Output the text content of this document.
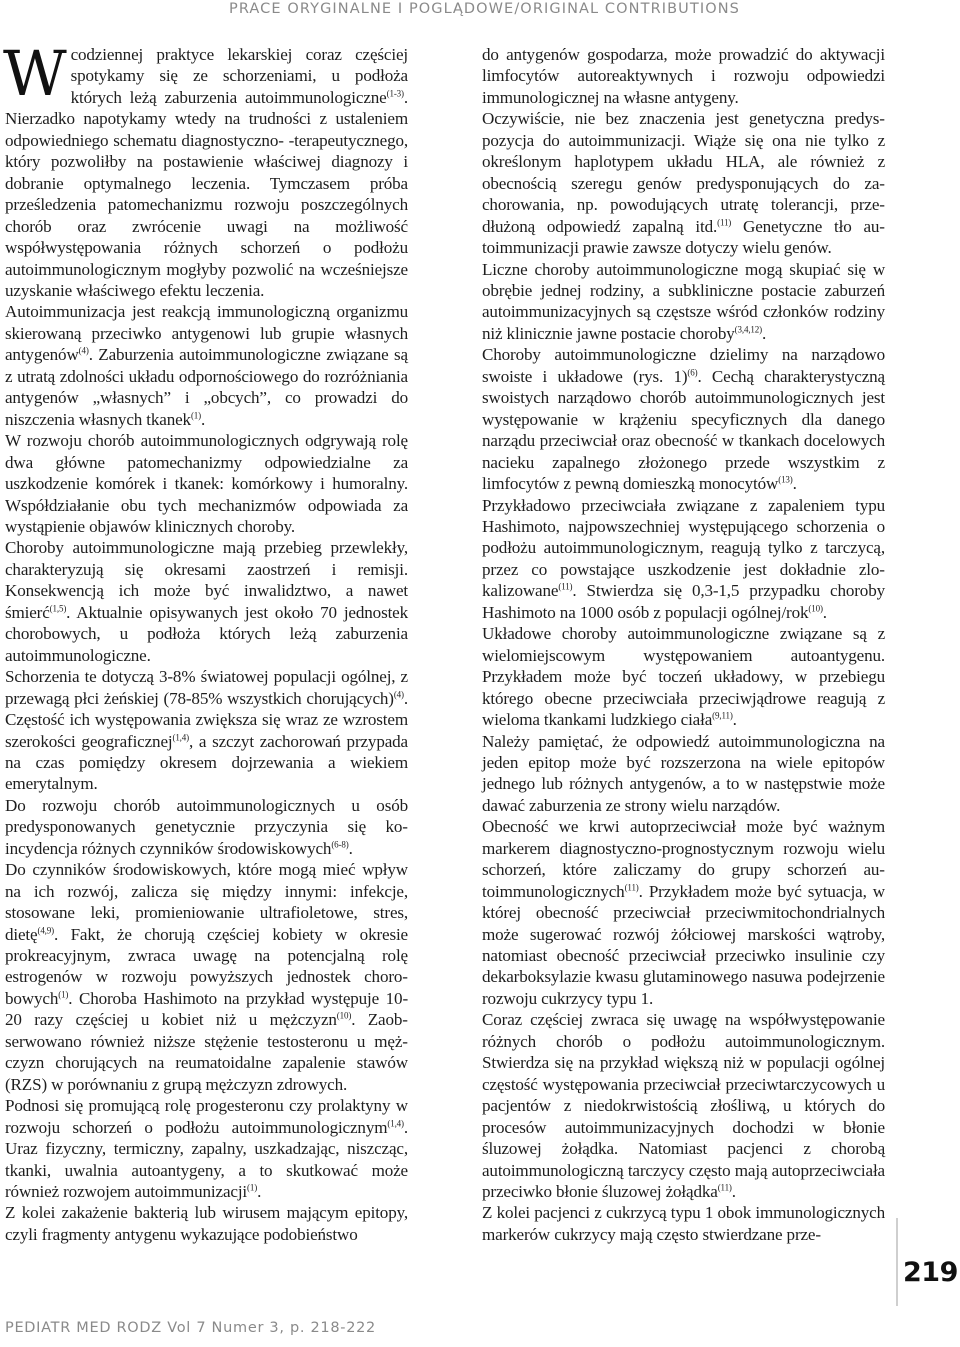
PRACE ORYGINALNE I POGLĄDOWE/ORIGINAL CONTRIBUTIONS

Wcodziennej praktyce lekarskiej coraz częściej spotykamy się ze schorzeniami, u podłoża których leżą zaburzenia autoimmunologiczne$^{(1-3)}$. Nierzadko napotykamy wtedy na trudności z ustaleniem odpowiedniego schematu diagnostyczno- -terapeutycznego, który pozwoliłby na postawienie właściwej diagnozy i dobranie optymalnego leczenia. Tymczasem próba prześledzenia patomechanizmu rozwoju poszczególnych chorób oraz zwrócenie uwagi na możliwość współwystępowania różnych schorzeń o podłożu autoimmunologicznym mogłyby pozwolić na wcześniejsze uzyskanie właściwego efektu leczenia.

Autoimmunizacja jest reakcją immunologiczną organizmu skierowaną przeciwko antygenowi lub grupie własnych antygenów$^{(4)}$. Zaburzenia autoimmunologiczne związane są z utratą zdolności układu odpornościowego do rozróżniania antygenów „własnych” i „obcych”, co prowadzi do niszczenia własnych tkanek$^{(1)}$.

W rozwoju chorób autoimmunologicznych odgrywają rolę dwa główne patomechanizmy odpowiedzialne za uszkodzenie komórek i tkanek: komórkowy i humoralny. Współdziałanie obu tych mechanizmów odpowiada za wystąpienie objawów klinicznych choroby.

Choroby autoimmunologiczne mają przebieg przewlekły, charakteryzują się okresami zaostrzeń i remisji. Konsekwencją ich może być inwalidztwo, a nawet śmierć$^{(1,5)}$. Aktualnie opisywanych jest około 70 jednostek chorobowych, u podłoża których leżą zaburzenia autoimmunologiczne.

Schorzenia te dotyczą 3-8% światowej populacji ogólnej, z przewagą płci żeńskiej (78-85% wszystkich chorujących)$^{(4)}$. Częstość ich występowania zwiększa się wraz ze wzrostem szerokości geograficznej$^{(1,4)}$, a szczyt zachorowań przypada na czas pomiędzy okresem dojrzewania a wiekiem emerytalnym.

Do rozwoju chorób autoimmunologicznych u osób predysponowanych genetycznie przyczynia się koincydencja różnych czynników środowiskowych$^{(6-8)}$.

Do czynników środowiskowych, które mogą mieć wpływ na ich rozwój, zalicza się między innymi: infekcje, stosowane leki, promieniowanie ultrafioletowe, stres, dietę$^{(4,9)}$. Fakt, że chorują częściej kobiety w okresie prokreacyjnym, zwraca uwagę na potencjalną rolę estrogenów w rozwoju powyższych jednostek chorobowych$^{(1)}$. Choroba Hashimoto na przykład występuje 10-20 razy częściej u kobiet niż u mężczyzn$^{(10)}$. Zaobserwowano również niższe stężenie testosteronu u mężczyzn chorujących na reumatoidalne zapalenie stawów (RZS) w porównaniu z grupą mężczyzn zdrowych.

Podnosi się promującą rolę progesteronu czy prolaktyny w rozwoju schorzeń o podłożu autoimmunologicznym$^{(1,4)}$. Uraz fizyczny, termiczny, zapalny, uszkadzając, niszcząc, tkanki, uwalnia autoantygeny, a to skutkować może również rozwojem autoimmunizacji$^{(1)}$.

Z kolei zakażenie bakterią lub wirusem mającym epitopy, czyli fragmenty antygenu wykazujące podobieństwo

do antygenów gospodarza, może prowadzić do aktywacji limfocytów autoreaktywnych i rozwoju odpowiedzi immunologicznej na własne antygeny.

Oczywiście, nie bez znaczenia jest genetyczna predyspozycja do autoimmunizacji. Wiąże się ona nie tylko z określonym haplotypem układu HLA, ale również z obecnością szeregu genów predysponujących do zachorowania, np. powodujących utratę tolerancji, przedłużoną odpowiedź zapalną itd.$^{(11)}$ Genetyczne tło autoimmunizacji prawie zawsze dotyczy wielu genów.

Liczne choroby autoimmunologiczne mogą skupiać się w obrębie jednej rodziny, a subkliniczne postacie zaburzeń autoimmunizacyjnych są częstsze wśród członków rodziny niż klinicznie jawne postacie choroby$^{(3,4,12)}$.

Choroby autoimmunologiczne dzielimy na narządowo swoiste i układowe (rys. 1)$^{(6)}$. Cechą charakterystyczną swoistych narządowo chorób autoimmunologicznych jest występowanie w krążeniu specyficznych dla danego narządu przeciwciał oraz obecność w tkankach docelowych nacieku zapalnego złożonego przede wszystkim z limfocytów z pewną domieszką monocytów$^{(13)}$.

Przykładowo przeciwciała związane z zapaleniem typu Hashimoto, najpowszechniej występującego schorzenia o podłożu autoimmunologicznym, reagują tylko z tarczycą, przez co powstające uszkodzenie jest dokładnie zlokalizowane$^{(11)}$. Stwierdza się 0,3-1,5 przypadku choroby Hashimoto na 1000 osób z populacji ogólnej/rok$^{(10)}$.

Układowe choroby autoimmunologiczne związane są z wielomiejscowym występowaniem autoantygenu. Przykładem może być toczeń układowy, w przebiegu którego obecne przeciwciała przeciwjądrowe reagują z wieloma tkankami ludzkiego ciała$^{(9,11)}$.

Należy pamiętać, że odpowiedź autoimmunologiczna na jeden epitop może być rozszerzona na wiele epitopów jednego lub różnych antygenów, a to w następstwie może dawać zaburzenia ze strony wielu narządów.

Obecność we krwi autoprzeciwciał może być ważnym markerem diagnostyczno-prognostycznym rozwoju wielu schorzeń, które zaliczamy do grupy schorzeń autoimmunologicznych$^{(11)}$. Przykładem może być sytuacja, w której obecność przeciwciał przeciwmitochondrialnych może sugerować rozwój żółciowej marskości wątroby, natomiast obecność przeciwciał przeciwko insulinie czy dekarboksylazie kwasu glutaminowego nasuwa podejrzenie rozwoju cukrzycy typu 1.

Coraz częściej zwraca się uwagę na współwystępowanie różnych chorób o podłożu autoimmunologicznym. Stwierdza się na przykład większą niż w populacji ogólnej częstość występowania przeciwciał przeciwtarczycowych u pacjentów z niedokrwistością złośliwą, u których do procesów autoimmunizacyjnych dochodzi w błonie śluzowej żołądka. Natomiast pacjenci z chorobą autoimmunologiczną tarczycy często mają autoprzeciwciała przeciwko błonie śluzowej żołądka$^{(11)}$.

Z kolei pacjenci z cukrzycą typu 1 obok immunologicznych markerów cukrzycy mają często stwierdzane prze-

219
PEDIATR MED RODZ Vol 7 Numer 3, p. 218-222
